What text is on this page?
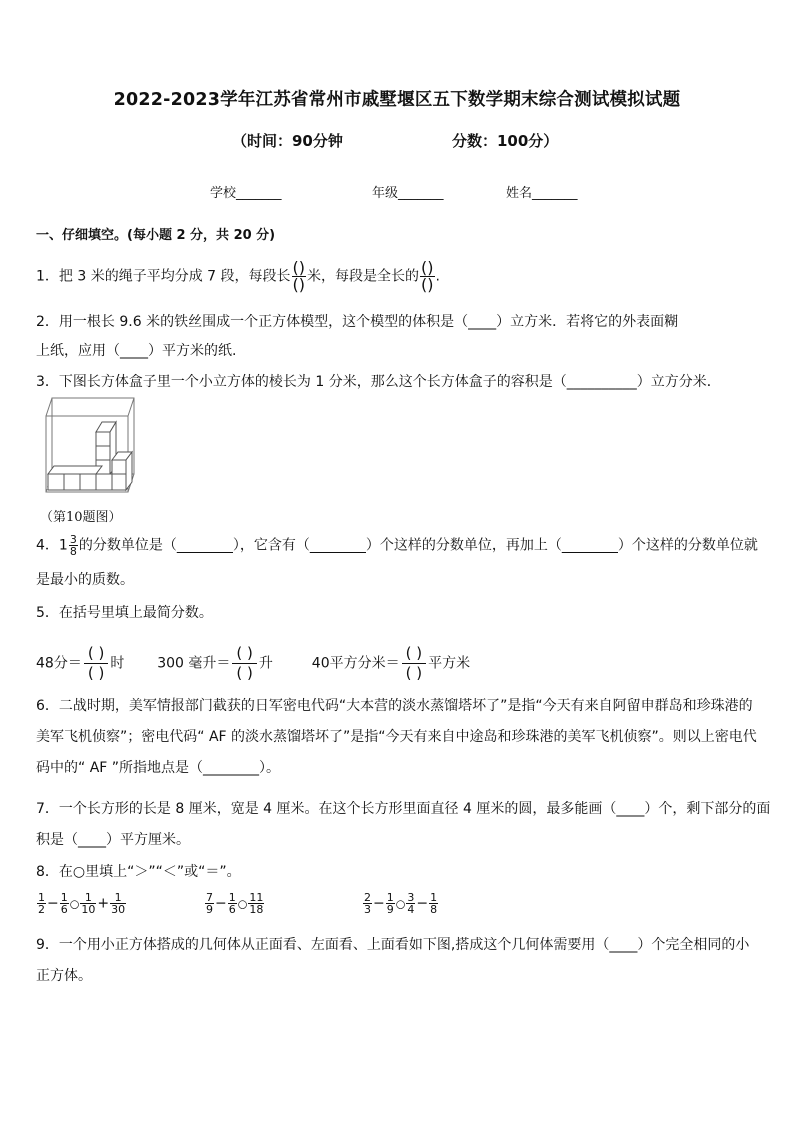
2022-2023学年江苏省常州市戚墅堰区五下数学期末综合测试模拟试题
（时间：90分钟	分数：100分）
学校_______	年级_______	姓名_______
一、仔细填空。(每小题 2 分，共 20 分)
1．把 3 米的绳子平均分成 7 段，每段长 $\frac{()}{()}$ 米，每段是全长的 $\frac{()}{()}$ .
2．用一根长 9.6 米的铁丝围成一个正方体模型，这个模型的体积是（____）立方米．若将它的外表面糊
上纸，应用（____）平方米的纸.
3．下图长方体盒子里一个小立方体的棱长为 1 分米，那么这个长方体盒子的容积是（__________）立方分米．
（第10题图）
4．$1 \frac{3}{8}$ 的分数单位是（________），它含有（________）个这样的分数单位，再加上（________）个这样的分数单位就
是最小的质数。
5．在括号里填上最简分数。
48分＝
( )
( )
时 300 毫升＝
( )
( )
升	40平方分米＝
( )
( )
平方米
6．二战时期，美军情报部门截获的日军密电代码“大本营的淡水蒸馏塔坏了”是指“今天有来自阿留申群岛和珍珠港的
美军飞机侦察”；密电代码“ AF 的淡水蒸馏塔坏了”是指“今天有来自中途岛和珍珠港的美军飞机侦察”。则以上密电代
码中的“ AF ”所指地点是（________）。
7．一个长方形的长是 8 厘米，宽是 4 厘米。在这个长方形里面直径 4 厘米的圆，最多能画（____）个，剩下部分的面
积是（____）平方厘米。
8．在○里填上“＞”“＜”或“＝”。
$\frac{1}{2} - \frac{1}{6}$ ○ $\frac{1}{10} + \frac{1}{30}$	$\frac{7}{9} - \frac{1}{6}$ ○ $\frac{11}{18}$	$\frac{2}{3} - \frac{1}{9}$ ○ $\frac{3}{4} - \frac{1}{8}$
9．一个用小正方体搭成的几何体从正面看、左面看、上面看如下图,搭成这个几何体需要用（____）个完全相同的小
正方体。
